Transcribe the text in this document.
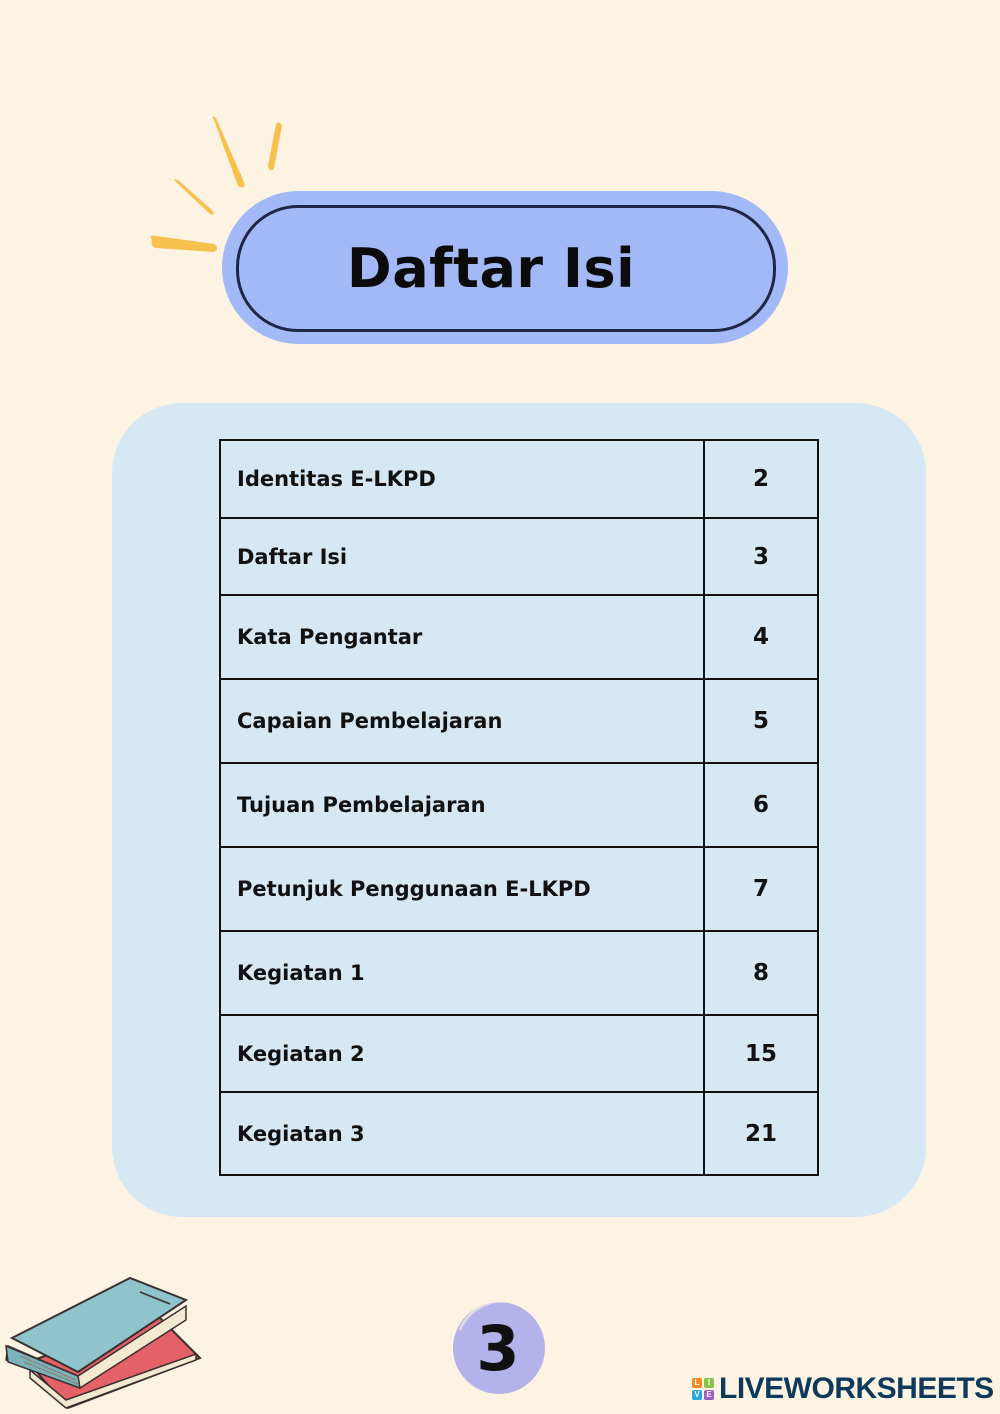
Daftar Isi
Identitas E-LKPD	2
Daftar Isi	3
Kata Pengantar	4
Capaian Pembelajaran	5
Tujuan Pembelajaran	6
Petunjuk Penggunaan E-LKPD	7
Kegiatan 1	8
Kegiatan 2	15
Kegiatan 3	21
3	L	I
V E LIVEWORKSHEETS
